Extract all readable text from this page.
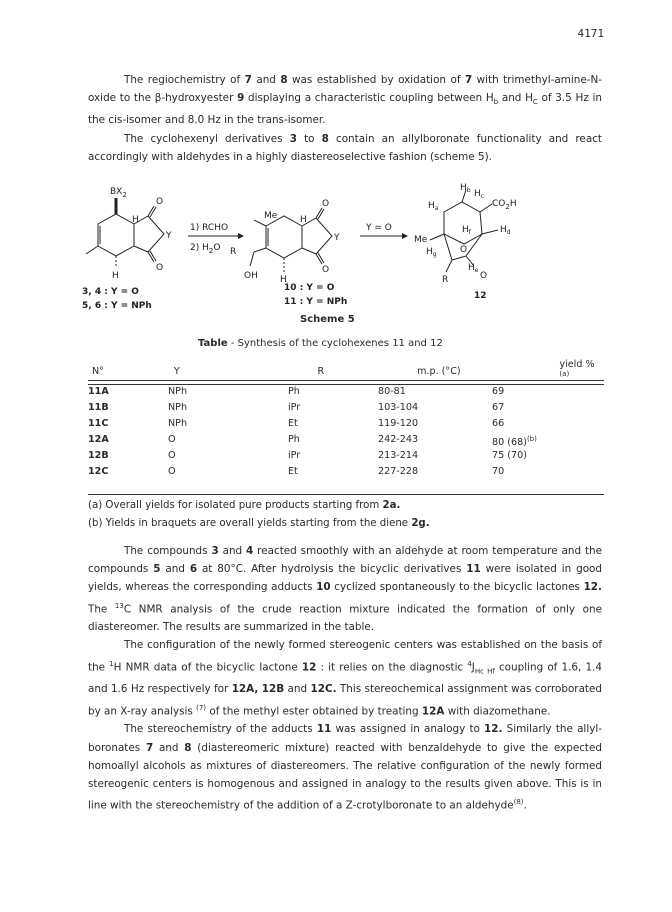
4171

The regiochemistry of 7 and 8 was established by oxidation of 7 with trimethyl-amine-N-oxide to the β-hydroxyester 9 displaying a characteristic coupling between $H_b$ and $H_C$ of 3.5 Hz in the cis-isomer and 8.0 Hz in the trans-isomer.

The cyclohexenyl derivatives 3 to 8 contain an allylboronate functionality and react accordingly with aldehydes in a highly diastereoselective fashion (scheme 5).

$BX_2$
H
O
Y
O
H
1) RCHO
2) $H_2O$
Me
R
OH
H
O
Y
O
H
Y = O
$H_b$ $H_c$
$CO_2H$
$H_a$
$H_f$	$H_d$
Me
$H_g$	O
$H_e$
O
R
3, 4 : Y = O
5, 6 : Y = NPh
10 : Y = O
11 : Y = NPh
12
Scheme 5
Table - Synthesis of the cyclohexenes 11 and 12
N°	Y	R	m.p. (°C)	yield % $^{(a)}$
11A	NPh	Ph	80-81	69
11B	NPh	iPr	103-104	67
11C	NPh	Et	119-120	66
12A	O	Ph	242-243	80 $(68)^{(b)}$
12B	O	iPr	213-214	75 (70)
12C	O	Et	227-228	70
(a) Overall yields for isolated pure products starting from 2a.
(b) Yields in braquets are overall yields starting from the diene 2g.

The compounds 3 and 4 reacted smoothly with an aldehyde at room temperature and the compounds 5 and 6 at 80°C. After hydrolysis the bicyclic derivatives 11 were isolated in good yields, whereas the corresponding adducts 10 cyclized spontaneously to the bicyclic lactones 12. The $^{13}$C NMR analysis of the crude reaction mixture indicated the formation of only one diastereomer. The results are summarized in the table.

The configuration of the newly formed stereogenic centers was established on the basis of the $^1$H NMR data of the bicyclic lactone 12 : it relies on the diagnostic $^4J_{Hc Hf}$ coupling of 1.6, 1.4 and 1.6 Hz respectively for 12A, 12B and 12C. This stereochemical assignment was corroborated by an X-ray analysis $^{(7)}$ of the methyl ester obtained by treating 12A with diazomethane.

The stereochemistry of the adducts 11 was assigned in analogy to 12. Similarly the allyl-boronates 7 and 8 (diastereomeric mixture) reacted with benzaldehyde to give the expected homoallyl alcohols as mixtures of diastereomers. The relative configuration of the newly formed stereogenic centers is homogenous and assigned in analogy to the results given above. This is in line with the stereochemistry of the addition of a Z-crotylboronate to an aldehyde$^{(8)}$.
